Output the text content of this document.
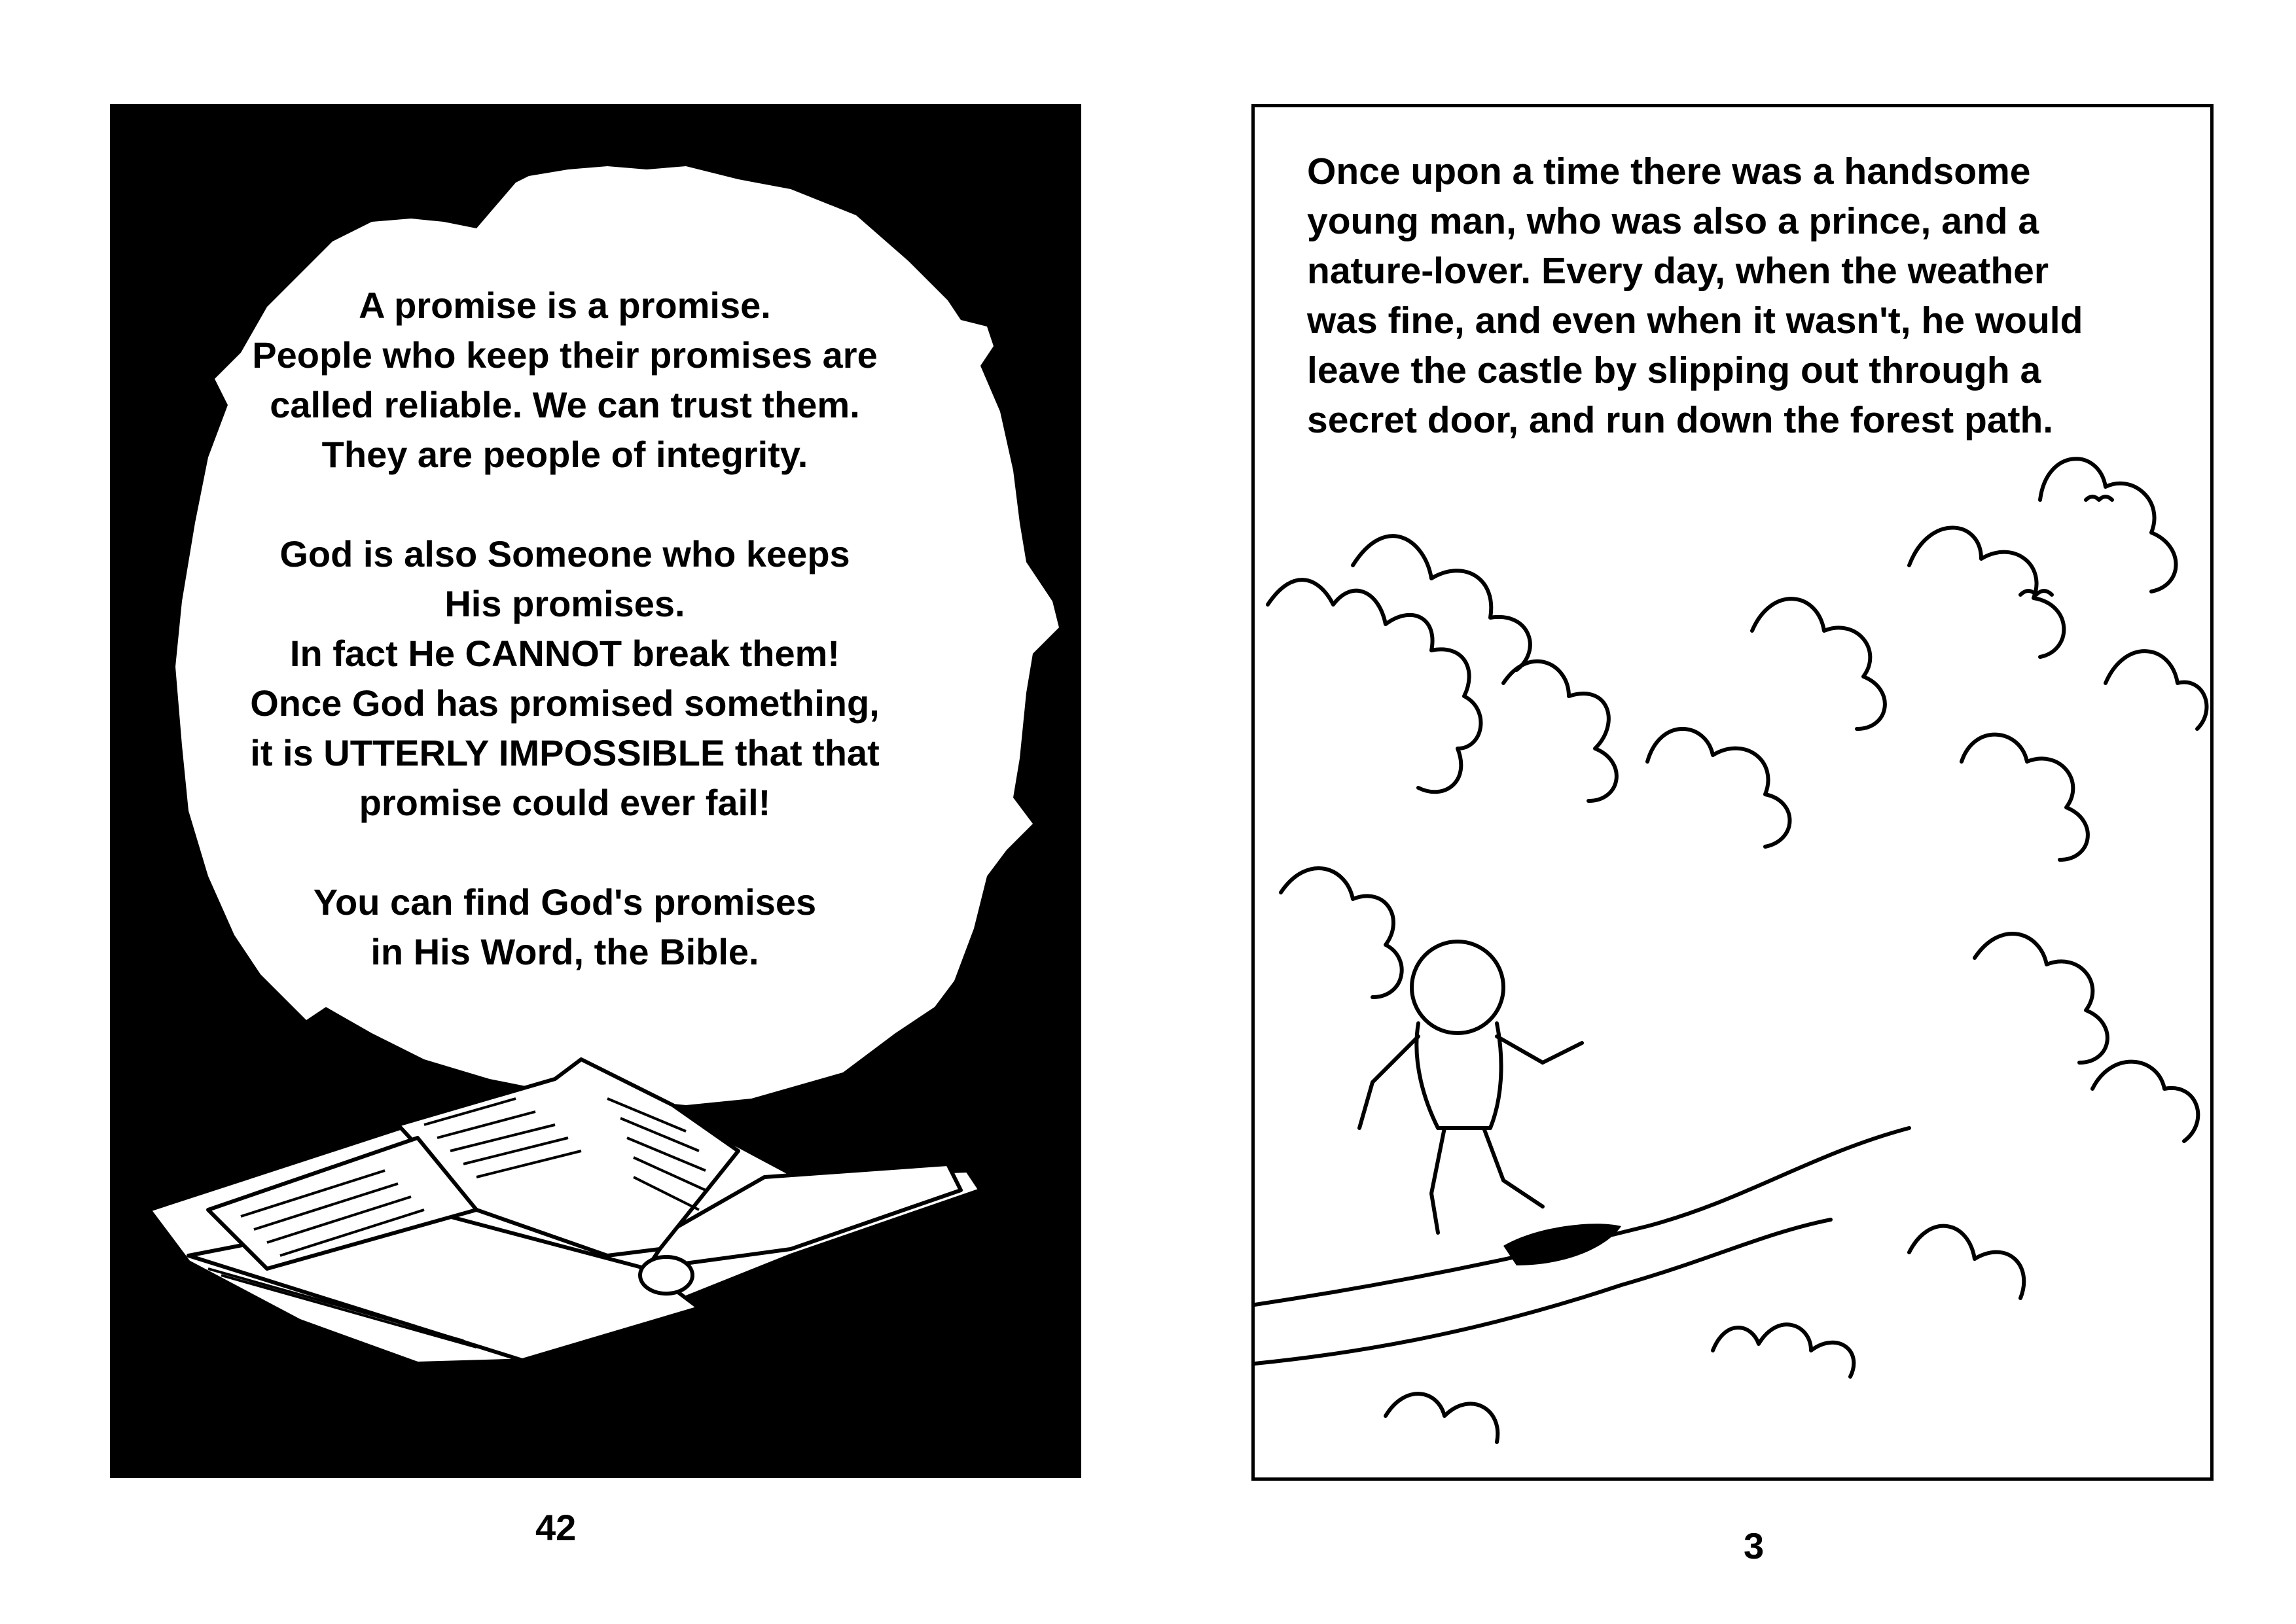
A promise is a promise.
People who keep their promises are
called reliable. We can trust them.
They are people of integrity.
God is also Someone who keeps
His promises.
In fact He CANNOT break them!
Once God has promised something,
it is UTTERLY IMPOSSIBLE that that
promise could ever fail!
You can find God's promises
in His Word, the Bible.
42
Once upon a time there was a handsome
young man, who was also a prince, and a
nature-lover. Every day, when the weather
was fine, and even when it wasn't, he would
leave the castle by slipping out through a
secret door, and run down the forest path.
3
